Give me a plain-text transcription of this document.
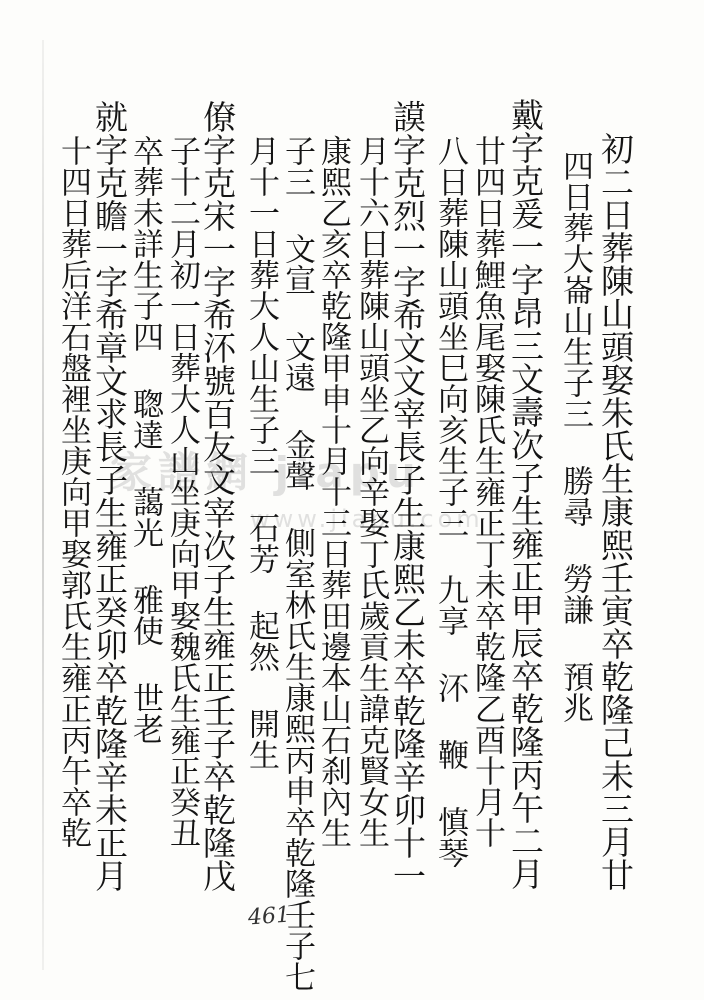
家譜網 jiapu
www.jiapu.com	初二日葬陳山頭娶朱氏生康熙壬寅卒乾隆己未三月廿
四日葬大崙山生子三 勝尋 勞謙 預兆
戴字克爰一字昂三文壽次子生雍正甲辰卒乾隆丙午二月
廿四日葬鯉魚尾娶陳氏生雍正丁未卒乾隆乙酉十月十
八日葬陳山頭坐巳向亥生子三 九享 㳅 鞭 慎琴
謨字克烈一字希文文宰長子生康熙乙未卒乾隆辛卯十一
月十六日葬陳山頭坐乙向辛娶丁氏歲貢生諱克賢女生
康熙乙亥卒乾隆甲申十月十三日葬田邊本山石刹內生
子三 文宣 文遠 金聲 側室林氏生康熙丙申卒乾隆壬子七
月十一日葬大人山生子三 石芳 起然 開生
僚字克宋一字希㳅號百友文宰次子生雍正壬子卒乾隆戊
子十二月初一日葬大人山坐庚向甲娶魏氏生雍正癸丑
卒葬未詳生子四 聦達 藹光 雅使 世老
就字克瞻一字希章文求長子生雍正癸卯卒乾隆辛未正月
十四日葬后洋石盤裡坐庚向甲娶郭氏生雍正丙午卒乾
461
